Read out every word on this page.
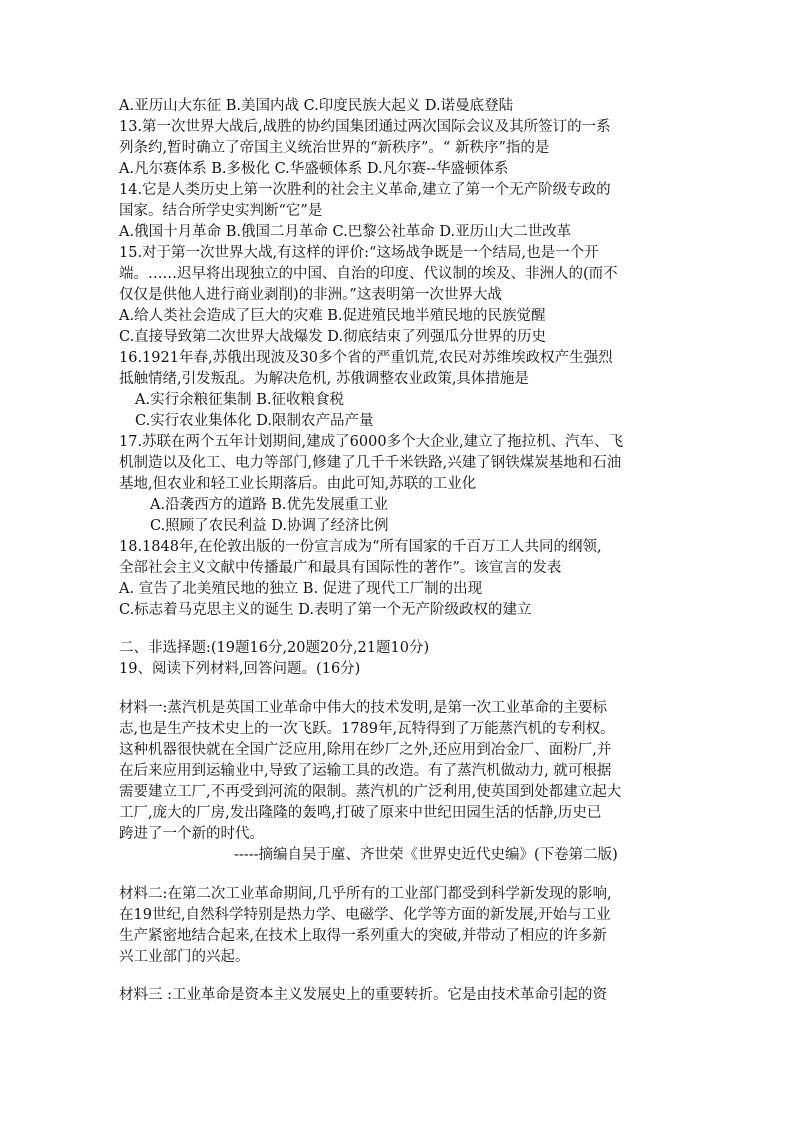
A.亚历山大东征 B.美国内战 C.印度民族大起义 D.诺曼底登陆
13.第一次世界大战后,战胜的协约国集团通过两次国际会议及其所签订的一系
列条约,暂时确立了帝国主义统治世界的“新秩序”。“ 新秩序”指的是
A.凡尔赛体系 B.多极化 C.华盛顿体系 D.凡尔赛--华盛顿体系
14.它是人类历史上第一次胜利的社会主义革命,建立了第一个无产阶级专政的
国家。结合所学史实判断“它”是
A.俄国十月革命 B.俄国二月革命 C.巴黎公社革命 D.亚历山大二世改革
15.对于第一次世界大战,有这样的评价:“这场战争既是一个结局,也是一个开
端。……迟早将出现独立的中国、自治的印度、代议制的埃及、非洲人的(而不
仅仅是供他人进行商业剥削)的非洲。”这表明第一次世界大战
A.给人类社会造成了巨大的灾难 B.促进殖民地半殖民地的民族觉醒
C.直接导致第二次世界大战爆发 D.彻底结束了列强瓜分世界的历史
16.1921年春,苏俄出现波及30多个省的严重饥荒,农民对苏维埃政权产生强烈
抵触情绪,引发叛乱。为解决危机, 苏俄调整农业政策,具体措施是
A.实行余粮征集制 B.征收粮食税
C.实行农业集体化 D.限制农产品产量
17.苏联在两个五年计划期间,建成了6000多个大企业,建立了拖拉机、汽车、飞
机制造以及化工、电力等部门,修建了几千千米铁路,兴建了钢铁煤炭基地和石油
基地,但农业和轻工业长期落后。由此可知,苏联的工业化
A.沿袭西方的道路 B.优先发展重工业
C.照顾了农民利益 D.协调了经济比例
18.1848年,在伦敦出版的一份宣言成为“所有国家的千百万工人共同的纲领,
全部社会主义文献中传播最广和最具有国际性的著作”。该宣言的发表
A. 宣告了北美殖民地的独立 B. 促进了现代工厂制的出现
C.标志着马克思主义的诞生 D.表明了第一个无产阶级政权的建立
二、非选择题:(19题16分,20题20分,21题10分)
19、阅读下列材料,回答问题。(16分)
材料一:蒸汽机是英国工业革命中伟大的技术发明,是第一次工业革命的主要标
志,也是生产技术史上的一次飞跃。1789年,瓦特得到了万能蒸汽机的专利权。
这种机器很快就在全国广泛应用,除用在纱厂之外,还应用到冶金厂、面粉厂,并
在后来应用到运输业中,导致了运输工具的改造。有了蒸汽机做动力, 就可根据
需要建立工厂,不再受到河流的限制。蒸汽机的广泛利用,使英国到处都建立起大
工厂,庞大的厂房,发出隆隆的轰鸣,打破了原来中世纪田园生活的恬静,历史已
跨进了一个新的时代。
-----摘编自吴于廑、齐世荣《世界史近代史编》(下卷第二版)
材料二:在第二次工业革命期间,几乎所有的工业部门都受到科学新发现的影响,
在19世纪,自然科学特别是热力学、电磁学、化学等方面的新发展,开始与工业
生产紧密地结合起来,在技术上取得一系列重大的突破,并带动了相应的许多新
兴工业部门的兴起。
材料三 :工业革命是资本主义发展史上的重要转折。它是由技术革命引起的资
